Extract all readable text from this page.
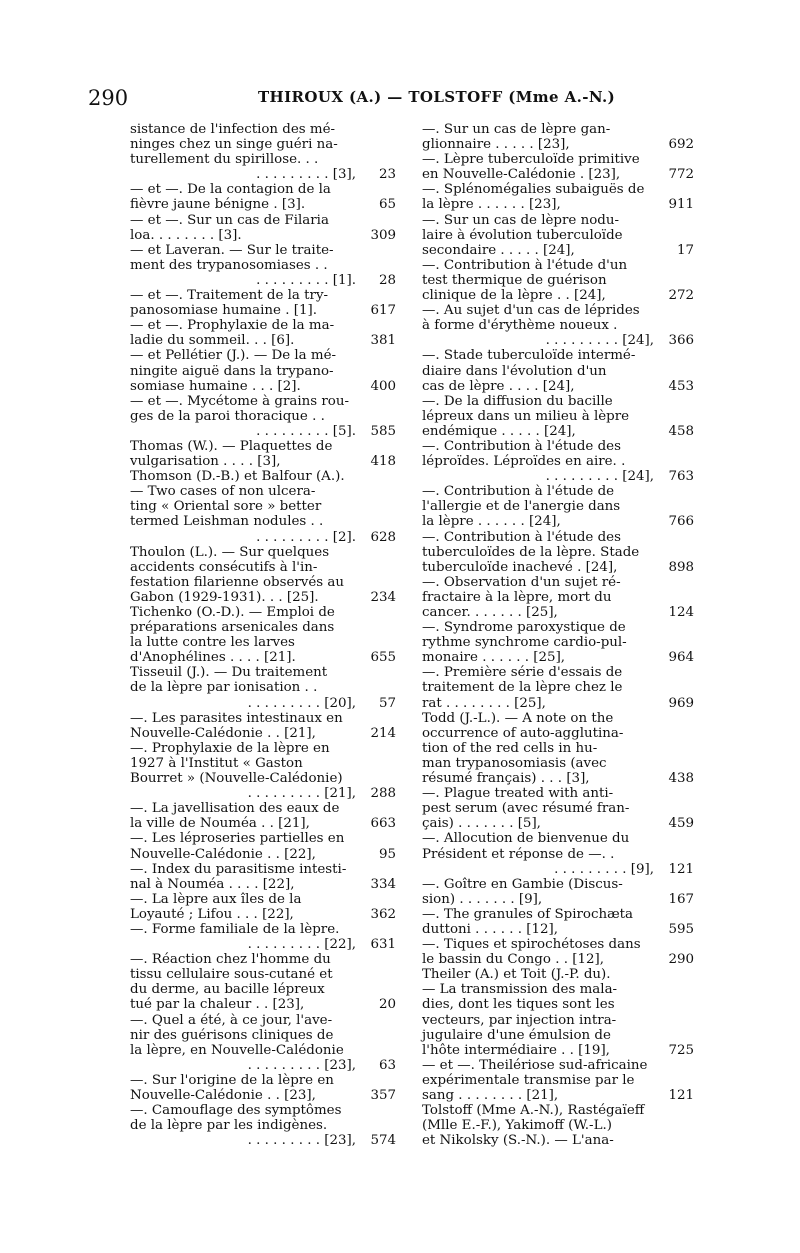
290	THIROUX (A.) — TOLSTOFF (Mme A.-N.)
sistance de l'infection des mé-
ninges chez un singe guéri na-
turellement du spirillose. . .
. . . . . . . . . [3],	23
— et —. De la contagion de la
fièvre jaune bénigne . [3].	65
— et —. Sur un cas de Filaria
loa. . . . . . . . [3].	309
— et Laveran. — Sur le traite-
ment des trypanosomiases . .
. . . . . . . . . [1].	28
— et —. Traitement de la try-
panosomiase humaine . [1].	617
— et —. Prophylaxie de la ma-
ladie du sommeil. . . [6].	381
— et Pellétier (J.). — De la mé-
ningite aiguë dans la trypano-
somiase humaine . . . [2].	400
— et —. Mycétome à grains rou-
ges de la paroi thoracique . .
. . . . . . . . . [5].	585
Thomas (W.). — Plaquettes de
vulgarisation . . . . [3],	418
Thomson (D.-B.) et Balfour (A.).
— Two cases of non ulcera-
ting « Oriental sore » better
termed Leishman nodules . .
. . . . . . . . . [2].	628
Thoulon (L.). — Sur quelques
accidents consécutifs à l'in-
festation filarienne observés au
Gabon (1929-1931). . . [25].	234
Tichenko (O.-D.). — Emploi de
préparations arsenicales dans
la lutte contre les larves
d'Anophélines . . . . [21].	655
Tisseuil (J.). — Du traitement
de la lèpre par ionisation . .
. . . . . . . . . [20],	57
—. Les parasites intestinaux en
Nouvelle-Calédonie . . [21],	214
—. Prophylaxie de la lèpre en
1927 à l'Institut « Gaston
Bourret » (Nouvelle-Calédonie)
. . . . . . . . . [21],	288
—. La javellisation des eaux de
la ville de Nouméa . . [21],	663
—. Les léproseries partielles en
Nouvelle-Calédonie . . [22],	95
—. Index du parasitisme intesti-
nal à Nouméa . . . . [22],	334
—. La lèpre aux îles de la
Loyauté ; Lifou . . . [22],	362
—. Forme familiale de la lèpre.
. . . . . . . . . [22],	631
—. Réaction chez l'homme du
tissu cellulaire sous-cutané et
du derme, au bacille lépreux
tué par la chaleur . . [23],	20
—. Quel a été, à ce jour, l'ave-
nir des guérisons cliniques de
la lèpre, en Nouvelle-Calédonie
. . . . . . . . . [23],	63
—. Sur l'origine de la lèpre en
Nouvelle-Calédonie . . [23],	357
—. Camouflage des symptômes
de la lèpre par les indigènes.
. . . . . . . . . [23],	574
—. Sur un cas de lèpre gan-
glionnaire . . . . . [23],	692
—. Lèpre tuberculoïde primitive
en Nouvelle-Calédonie . [23],	772
—. Splénomégalies subaiguës de
la lèpre . . . . . . [23],	911
—. Sur un cas de lèpre nodu-
laire à évolution tuberculoïde
secondaire . . . . . [24],	17
—. Contribution à l'étude d'un
test thermique de guérison
clinique de la lèpre . . [24],	272
—. Au sujet d'un cas de léprides
à forme d'érythème noueux .
. . . . . . . . . [24],	366
—. Stade tuberculoïde intermé-
diaire dans l'évolution d'un
cas de lèpre . . . . [24],	453
—. De la diffusion du bacille
lépreux dans un milieu à lèpre
endémique . . . . . [24],	458
—. Contribution à l'étude des
léproïdes. Léproïdes en aire. .
. . . . . . . . . [24],	763
—. Contribution à l'étude de
l'allergie et de l'anergie dans
la lèpre . . . . . . [24],	766
—. Contribution à l'étude des
tuberculoïdes de la lèpre. Stade
tuberculoïde inachevé . [24],	898
—. Observation d'un sujet ré-
fractaire à la lèpre, mort du
cancer. . . . . . . [25],	124
—. Syndrome paroxystique de
rythme synchrome cardio-pul-
monaire . . . . . . [25],	964
—. Première série d'essais de
traitement de la lèpre chez le
rat . . . . . . . . [25],	969
Todd (J.-L.). — A note on the
occurrence of auto-agglutina-
tion of the red cells in hu-
man trypanosomiasis (avec
résumé français) . . . [3],	438
—. Plague treated with anti-
pest serum (avec résumé fran-
çais) . . . . . . . [5],	459
—. Allocution de bienvenue du
Président et réponse de —. .
. . . . . . . . . [9],	121
—. Goître en Gambie (Discus-
sion) . . . . . . . [9],	167
—. The granules of Spirochæta
duttoni . . . . . . [12],	595
—. Tiques et spirochétoses dans
le bassin du Congo . . [12],	290
Theiler (A.) et Toit (J.-P. du).
— La transmission des mala-
dies, dont les tiques sont les
vecteurs, par injection intra-
jugulaire d'une émulsion de
l'hôte intermédiaire . . [19],	725
— et —. Theilériose sud-africaine
expérimentale transmise par le
sang . . . . . . . . [21],	121
Tolstoff (Mme A.-N.), Rastégaïeff
(Mlle E.-F.), Yakimoff (W.-L.)
et Nikolsky (S.-N.). — L'ana-
